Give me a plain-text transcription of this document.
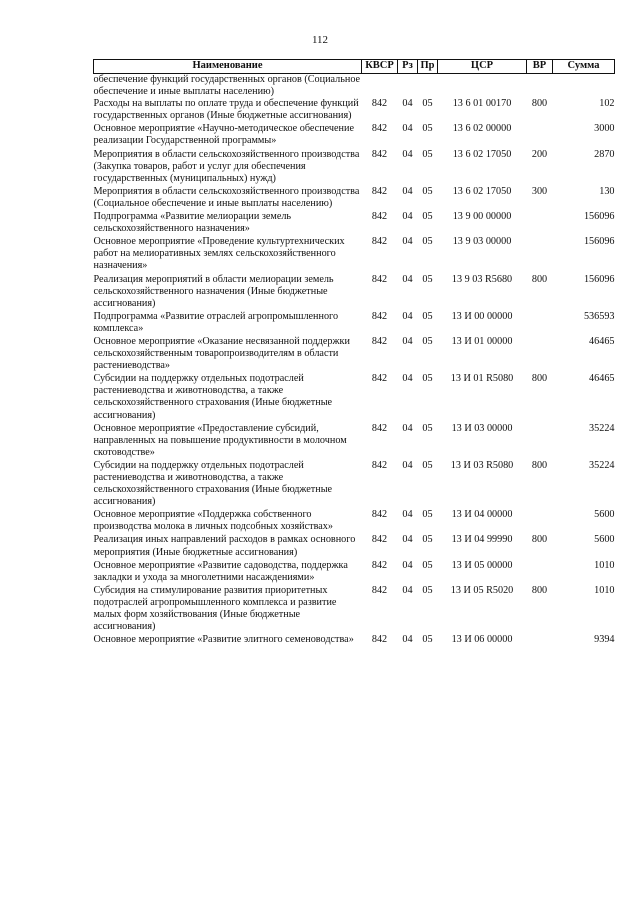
112
Наименование	КВСР	Рз	Пр	ЦСР	ВР	Сумма
обеспечение функций государственных органов (Социальное обеспечение и иные выплаты населению)						
Расходы на выплаты по оплате труда и обеспечение функций государственных органов (Иные бюджетные ассигнования)	842	04	05	13 6 01 00170	800	102
Основное мероприятие «Научно-методическое обеспечение реализации Государственной программы»	842	04	05	13 6 02 00000		3000
Мероприятия в области сельскохозяйственного производства (Закупка товаров, работ и услуг для обеспечения государственных (муниципальных) нужд)	842	04	05	13 6 02 17050	200	2870
Мероприятия в области сельскохозяйственного производства (Социальное обеспечение и иные выплаты населению)	842	04	05	13 6 02 17050	300	130
Подпрограмма «Развитие мелиорации земель сельскохозяйственного назначения»	842	04	05	13 9 00 00000		156096
Основное мероприятие «Проведение культуртехнических работ на мелиоративных землях сельскохозяйственного назначения»	842	04	05	13 9 03 00000		156096
Реализация мероприятий в области мелиорации земель сельскохозяйственного назначения (Иные бюджетные ассигнования)	842	04	05	13 9 03 R5680	800	156096
Подпрограмма «Развитие отраслей агропромышленного комплекса»	842	04	05	13 И 00 00000		536593
Основное мероприятие «Оказание несвязанной поддержки сельскохозяйственным товаропроизводителям в области растениеводства»	842	04	05	13 И 01 00000		46465
Субсидии на поддержку отдельных подотраслей растениеводства и животноводства, а также сельскохозяйственного страхования (Иные бюджетные ассигнования)	842	04	05	13 И 01 R5080	800	46465
Основное мероприятие «Предоставление субсидий, направленных на повышение продуктивности в молочном скотоводстве»	842	04	05	13 И 03 00000		35224
Субсидии на поддержку отдельных подотраслей растениеводства и животноводства, а также сельскохозяйственного страхования (Иные бюджетные ассигнования)	842	04	05	13 И 03 R5080	800	35224
Основное мероприятие «Поддержка собственного производства молока в личных подсобных хозяйствах»	842	04	05	13 И 04 00000		5600
Реализация иных направлений расходов в рамках основного мероприятия (Иные бюджетные ассигнования)	842	04	05	13 И 04 99990	800	5600
Основное мероприятие «Развитие садоводства, поддержка закладки и ухода за многолетними насаждениями»	842	04	05	13 И 05 00000		1010
Субсидия на стимулирование развития приоритетных подотраслей агропромышленного комплекса и развитие малых форм хозяйствования (Иные бюджетные ассигнования)	842	04	05	13 И 05 R5020	800	1010
Основное мероприятие «Развитие элитного семеноводства»	842	04	05	13 И 06 00000		9394
